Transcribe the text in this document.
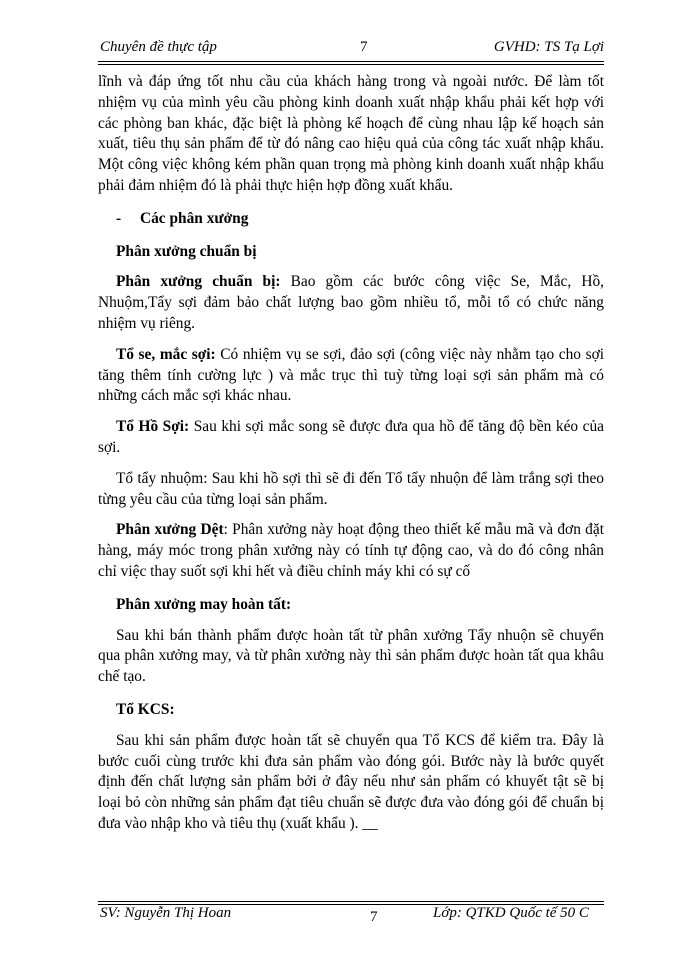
Chuyên đề thực tập	7	GVHD: TS Tạ Lợi

lĩnh và đáp ứng tốt nhu cầu của khách hàng trong và ngoài nước. Để làm tốt nhiệm vụ của mình yêu cầu phòng kinh doanh xuất nhập khẩu phải kết hợp với các phòng ban khác, đặc biệt là phòng kế hoạch để cùng nhau lập kế hoạch sản xuất, tiêu thụ sản phẩm để từ đó nâng cao hiệu quả của công tác xuất nhập khẩu. Một công việc không kém phần quan trọng mà phòng kinh doanh xuất nhập khẩu phải đảm nhiệm đó là phải thực hiện hợp đồng xuất khẩu.

- Các phân xưởng

Phân xưởng chuẩn bị

Phân xưởng chuẩn bị: Bao gồm các bước công việc Se, Mắc, Hồ, Nhuộm,Tẩy sợi đảm bảo chất lượng bao gồm nhiều tổ, mỗi tổ có chức năng nhiệm vụ riêng.

Tổ se, mắc sợi: Có nhiệm vụ se sợi, đảo sợi (công việc này nhằm tạo cho sợi tăng thêm tính cường lực ) và mắc trục thì tuỳ từng loại sợi sản phẩm mà có những cách mắc sợi khác nhau.

Tổ Hồ Sợi: Sau khi sợi mắc song sẽ được đưa qua hồ để tăng độ bền kéo của sợi.

Tổ tẩy nhuộm: Sau khi hồ sợi thì sẽ đi đến Tổ tẩy nhuộn để làm trắng sợi theo từng yêu cầu của từng loại sản phẩm.

Phân xưởng Dệt: Phân xưởng này hoạt động theo thiết kế mẫu mã và đơn đặt hàng, máy móc trong phân xưởng này có tính tự động cao, và do đó công nhân chỉ việc thay suốt sợi khi hết và điều chỉnh máy khi có sự cố

Phân xưởng may hoàn tất:

Sau khi bán thành phẩm được hoàn tất từ phân xưởng Tẩy nhuộn sẽ chuyển qua phân xưởng may, và từ phân xưởng này thì sản phẩm được hoàn tất qua khâu chế tạo.

Tổ KCS:

Sau khi sản phẩm được hoàn tất sẽ chuyển qua Tổ KCS để kiểm tra. Đây là bước cuối cùng trước khi đưa sản phẩm vào đóng gói. Bước này là bước quyết định đến chất lượng sản phẩm bởi ở đây nếu như sản phẩm có khuyết tật sẽ bị loại bỏ còn những sản phẩm đạt tiêu chuẩn sẽ được đưa vào đóng gói để chuẩn bị đưa vào nhập kho và tiêu thụ (xuất khẩu ). __

SV: Nguyễn Thị Hoan	7	Lớp: QTKD Quốc tế 50 C
